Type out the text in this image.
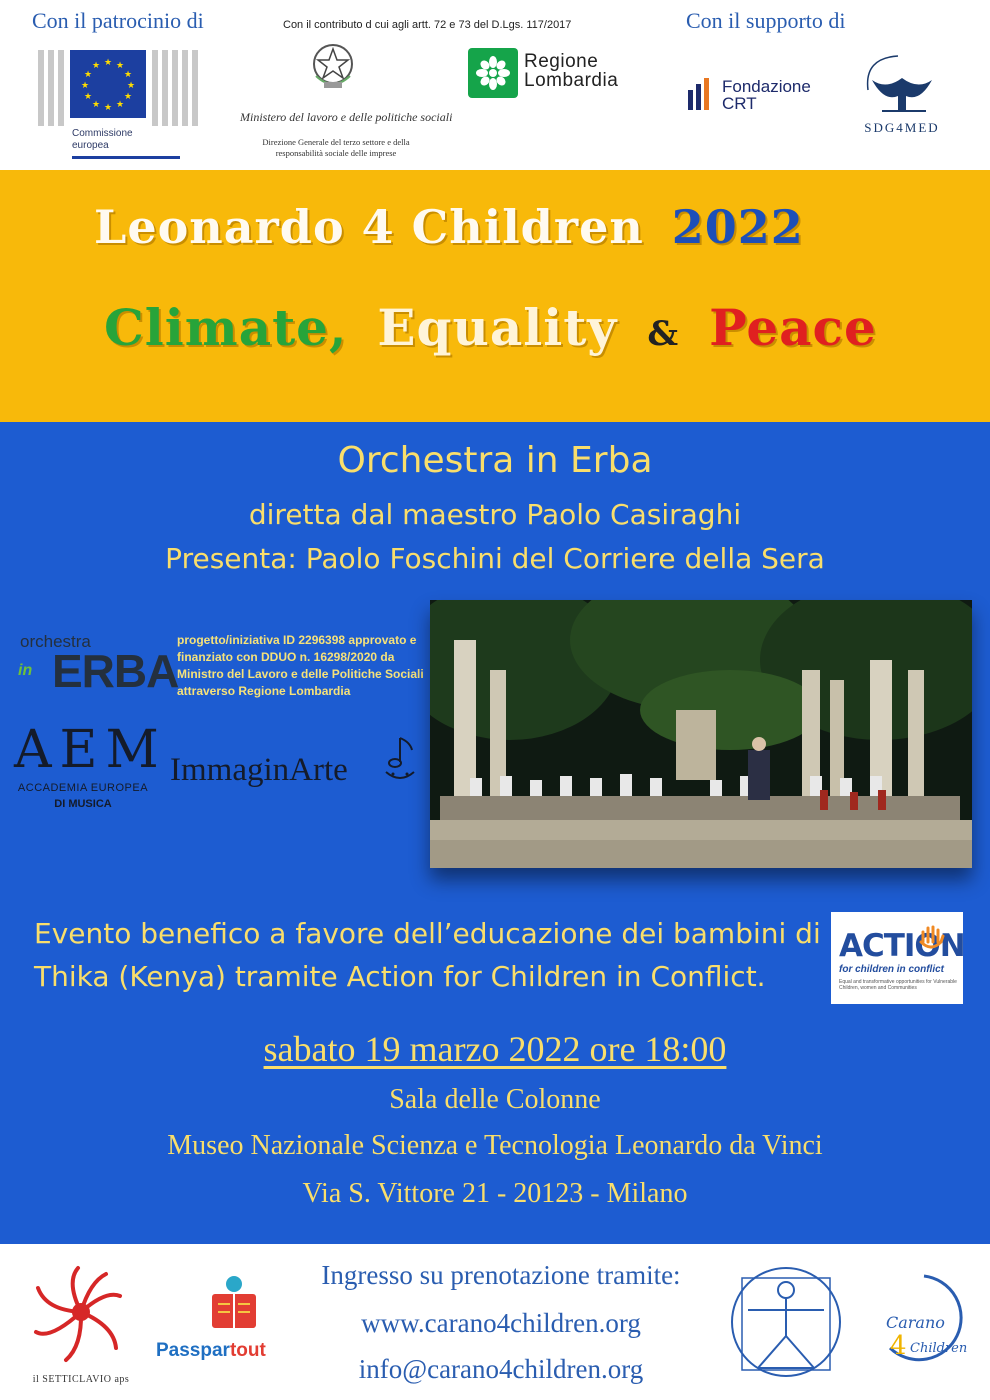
Con il patrocinio di
★ ★
★
★
★
★
★
★
★
★
★
★
Commissione
europea
Con il contributo d cui agli artt. 72 e 73 del D.Lgs. 117/2017
Ministero del lavoro e delle politiche sociali
Direzione Generale del terzo settore e della
responsabilità sociale delle imprese
Regione
Lombardia
Con il supporto di
Fondazione
CRT
SDG4MED
Leonardo 4 Children 2022
Climate, Equality & Peace
Orchestra in Erba
diretta dal maestro Paolo Casiraghi
Presenta: Paolo Foschini del Corriere della Sera
orchestra
ERBA
in
progetto/iniziativa ID 2296398 approvato e finanziato con DDUO n. 16298/2020 da Ministro del Lavoro e delle Politiche Sociali attraverso Regione Lombardia
AEM
ACCADEMIA EUROPEA
DI MUSICA
ImmaginArte
Evento benefico a favore dell’educazione dei bambini di
Thika (Kenya) tramite Action for Children in Conflict.
ACTION
for children in conflict
Equal and transformative opportunities for Vulnerable Children, women and Communities
sabato 19 marzo 2022 ore 18:00
Sala delle Colonne
Museo Nazionale Scienza e Tecnologia Leonardo da Vinci
Via S. Vittore 21 - 20123 - Milano
il SETTICLAVIO aps
Passpartout
Ingresso su prenotazione tramite:
www.carano4children.org
info@carano4children.org
Carano
4 Children
